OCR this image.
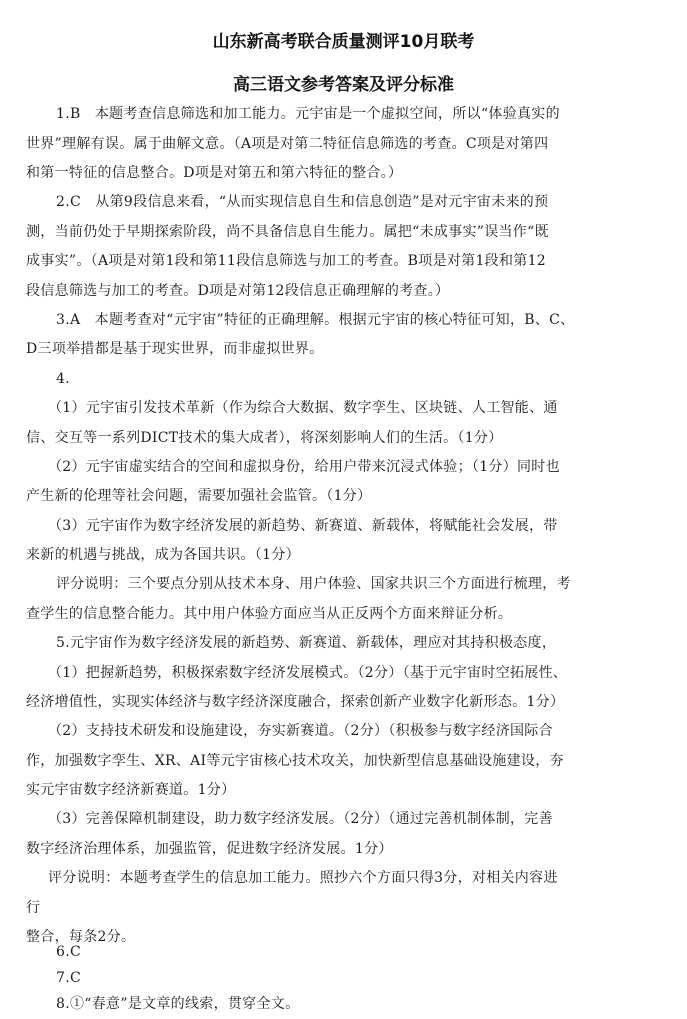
山东新高考联合质量测评10月联考
高三语文参考答案及评分标准
1.B　本题考查信息筛选和加工能力。元宇宙是一个虚拟空间，所以“体验真实的
世界”理解有误。属于曲解文意。（A项是对第二特征信息筛选的考查。C项是对第四
和第一特征的信息整合。D项是对第五和第六特征的整合。）
2.C　从第9段信息来看，“从而实现信息自生和信息创造”是对元宇宙未来的预
测，当前仍处于早期探索阶段，尚不具备信息自生能力。属把“未成事实”误当作“既
成事实”。（A项是对第1段和第11段信息筛选与加工的考查。B项是对第1段和第12
段信息筛选与加工的考查。D项是对第12段信息正确理解的考查。）
3.A　本题考查对“元宇宙”特征的正确理解。根据元宇宙的核心特征可知，B、C、
D三项举措都是基于现实世界，而非虚拟世界。
4.
（1）元宇宙引发技术革新（作为综合大数据、数字孪生、区块链、人工智能、通
信、交互等一系列DICT技术的集大成者），将深刻影响人们的生活。（1分）
（2）元宇宙虚实结合的空间和虚拟身份，给用户带来沉浸式体验；（1分）同时也
产生新的伦理等社会问题，需要加强社会监管。（1分）
（3）元宇宙作为数字经济发展的新趋势、新赛道、新载体，将赋能社会发展，带
来新的机遇与挑战，成为各国共识。（1分）
评分说明：三个要点分别从技术本身、用户体验、国家共识三个方面进行梳理，考
查学生的信息整合能力。其中用户体验方面应当从正反两个方面来辩证分析。
5.元宇宙作为数字经济发展的新趋势、新赛道、新载体，理应对其持积极态度，
（1）把握新趋势，积极探索数字经济发展模式。（2分）（基于元宇宙时空拓展性、
经济增值性，实现实体经济与数字经济深度融合，探索创新产业数字化新形态。1分）
（2）支持技术研发和设施建设，夯实新赛道。（2分）（积极参与数字经济国际合
作，加强数字孪生、XR、AI等元宇宙核心技术攻关，加快新型信息基础设施建设，夯
实元宇宙数字经济新赛道。1分）
（3）完善保障机制建设，助力数字经济发展。（2分）（通过完善机制体制，完善
数字经济治理体系，加强监管，促进数字经济发展。1分）
评分说明：本题考查学生的信息加工能力。照抄六个方面只得3分，对相关内容进
行
整合，每条2分。
6.C
7.C
8.①“春意”是文章的线索，贯穿全文。
